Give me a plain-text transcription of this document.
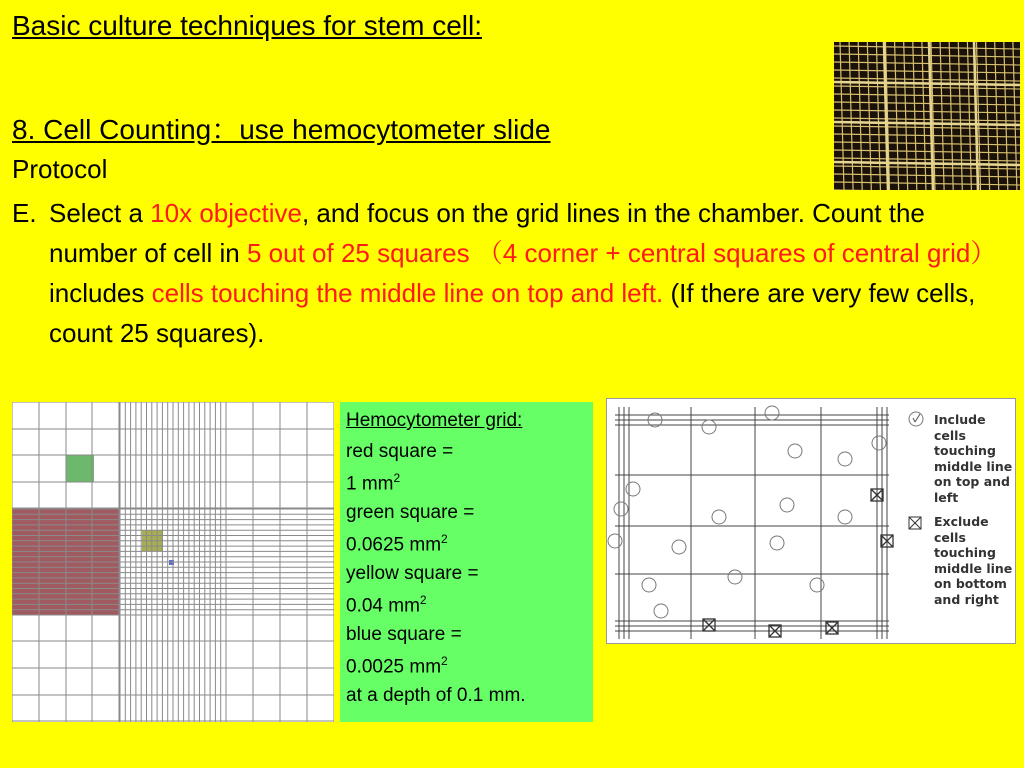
Basic culture techniques for stem cell:
8. Cell Counting：use hemocytometer slide
Protocol
E. Select a 10x objective, and focus on the grid lines in the chamber. Count the number of cell in 5 out of 25 squares （4 corner + central squares of central grid）includes cells touching the middle line on top and left. (If there are very few cells, count 25 squares).
Hemocytometer grid:
red square =
1 $mm^2$
green square =
0.0625 $mm^2$
yellow square =
0.04 $mm^2$
blue square =
0.0025 $mm^2$
at a depth of 0.1 mm.
Include
cells
touching
middle line
on top and
left
Exclude
cells
touching
middle line
on bottom
and right
